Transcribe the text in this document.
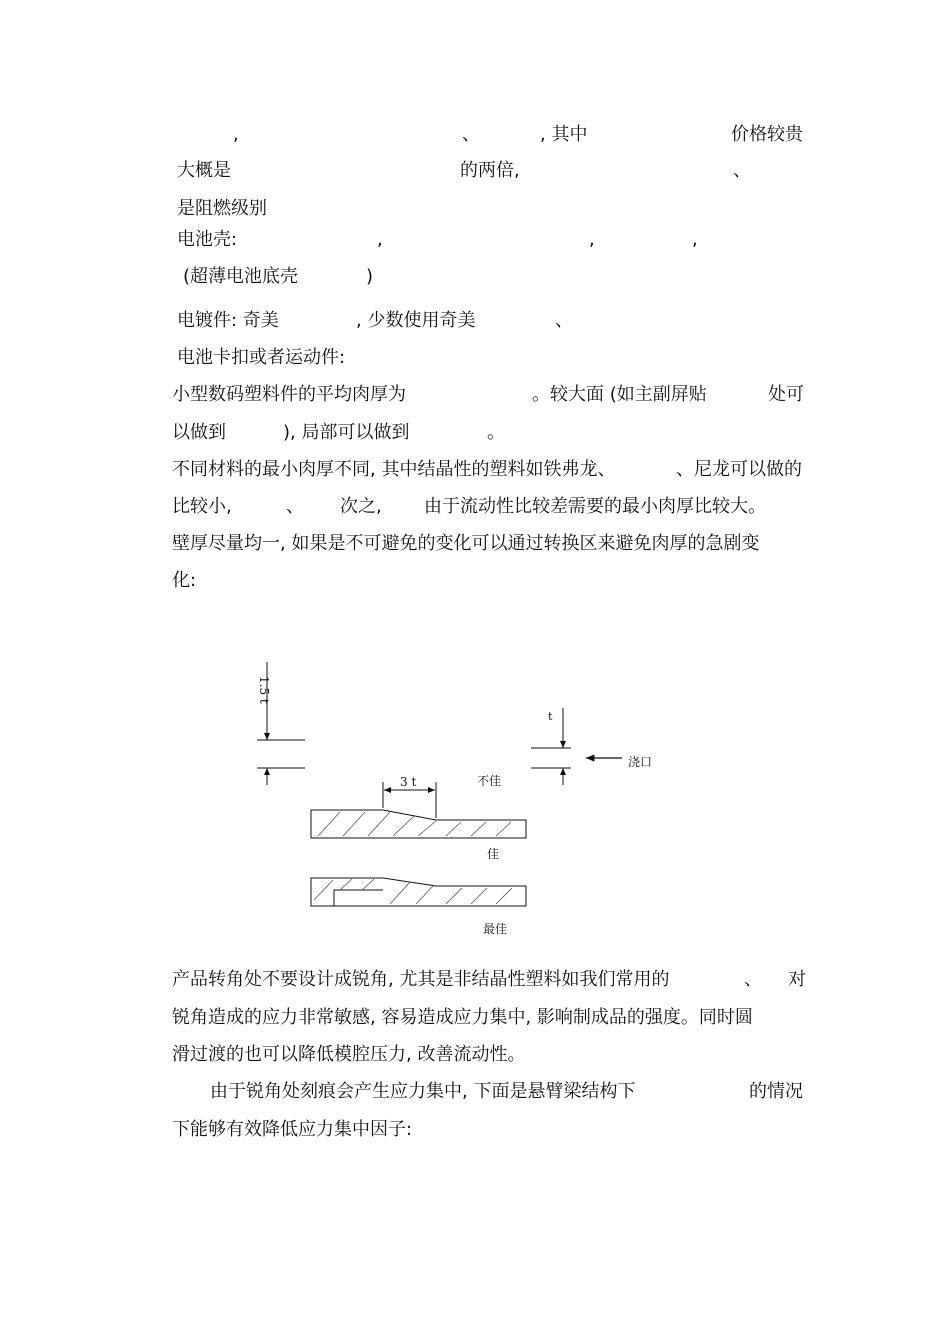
,	、	, 其中	价格较贵
大概是	的两倍,	、
是阻燃级别
电池壳:	,	,	,
(超薄电池底壳	)
电镀件: 奇美	, 少数使用奇美	、
电池卡扣或者运动件:
小型数码塑料件的平均肉厚为	。较大面 (如主副屏贴	处可
以做到	), 局部可以做到	。
不同材料的最小肉厚不同, 其中结晶性的塑料如铁弗龙、	、尼龙可以做的
比较小,	、 次之, 由于流动性比较差需要的最小肉厚比较大。
壁厚尽量均一, 如果是不可避免的变化可以通过转换区来避免肉厚的急剧变
化:
1.5 t
t
浇口
3 t	不佳
佳
最佳
产品转角处不要设计成锐角, 尤其是非结晶性塑料如我们常用的	、 对
锐角造成的应力非常敏感, 容易造成应力集中, 影响制成品的强度。同时圆
滑过渡的也可以降低模腔压力, 改善流动性。
由于锐角处刻痕会产生应力集中, 下面是悬臂梁结构下	的情况
下能够有效降低应力集中因子:
